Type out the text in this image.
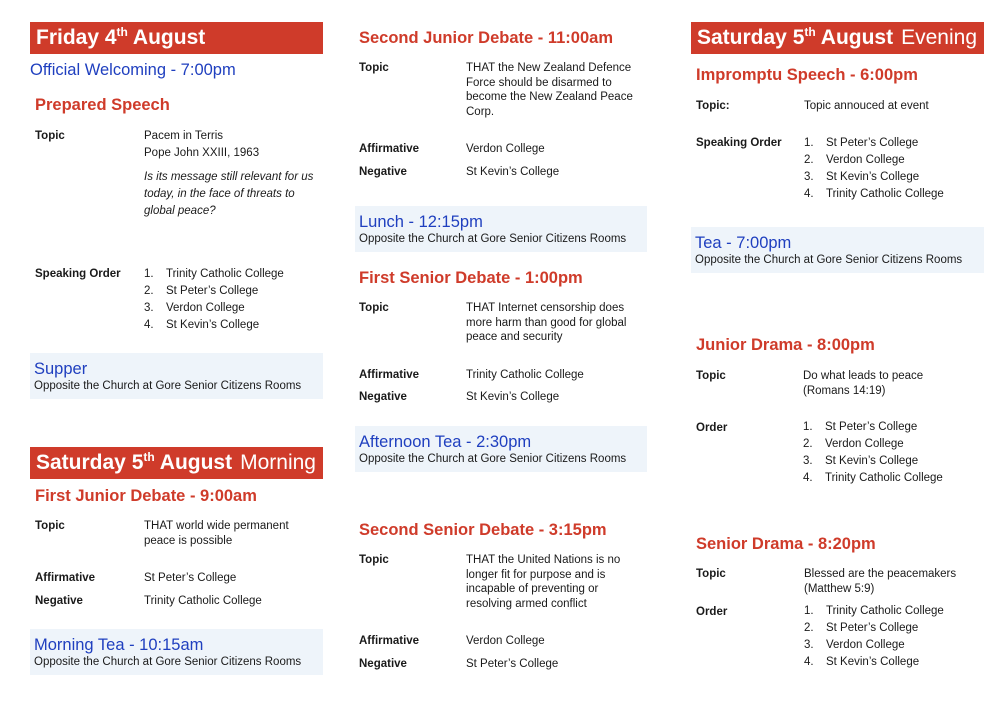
Friday 4th August
Official Welcoming - 7:00pm
Prepared Speech
Topic	Pacem in Terris
Pope John XXIII, 1963
Is its message still relevant for us today, in the face of threats to global peace?
Speaking Order 1. Trinity Catholic College
2. St Peter’s College
3. Verdon College
4. St Kevin’s College
Supper
Opposite the Church at Gore Senior Citizens Rooms
Saturday 5th August Morning
First Junior Debate - 9:00am
Topic	THAT world wide permanent peace is possible
Affirmative	St Peter’s College
Negative	Trinity Catholic College
Morning Tea - 10:15am
Opposite the Church at Gore Senior Citizens Rooms
Second Junior Debate - 11:00am
Topic	THAT the New Zealand Defence Force should be disarmed to become the New Zealand Peace Corp.
Affirmative	Verdon College
Negative	St Kevin’s College
Lunch - 12:15pm
Opposite the Church at Gore Senior Citizens Rooms
First Senior Debate - 1:00pm
Topic	THAT Internet censorship does more harm than good for global peace and security
Affirmative	Trinity Catholic College
Negative	St Kevin’s College
Afternoon Tea - 2:30pm
Opposite the Church at Gore Senior Citizens Rooms
Second Senior Debate - 3:15pm
Topic	THAT the United Nations is no longer fit for purpose and is incapable of preventing or resolving armed conflict
Affirmative	Verdon College
Negative	St Peter’s College
Saturday 5th August Evening
Impromptu Speech - 6:00pm
Topic:	Topic annouced at event
Speaking Order 1. St Peter’s College
2. Verdon College
3. St Kevin’s College
4. Trinity Catholic College
Tea - 7:00pm
Opposite the Church at Gore Senior Citizens Rooms
Junior Drama - 8:00pm
Topic	Do what leads to peace (Romans 14:19)
Order	1. St Peter’s College
2. Verdon College
3. St Kevin’s College
4. Trinity Catholic College
Senior Drama - 8:20pm
Topic	Blessed are the peacemakers (Matthew 5:9)
Order	1. Trinity Catholic College
2. St Peter’s College
3. Verdon College
4. St Kevin’s College
